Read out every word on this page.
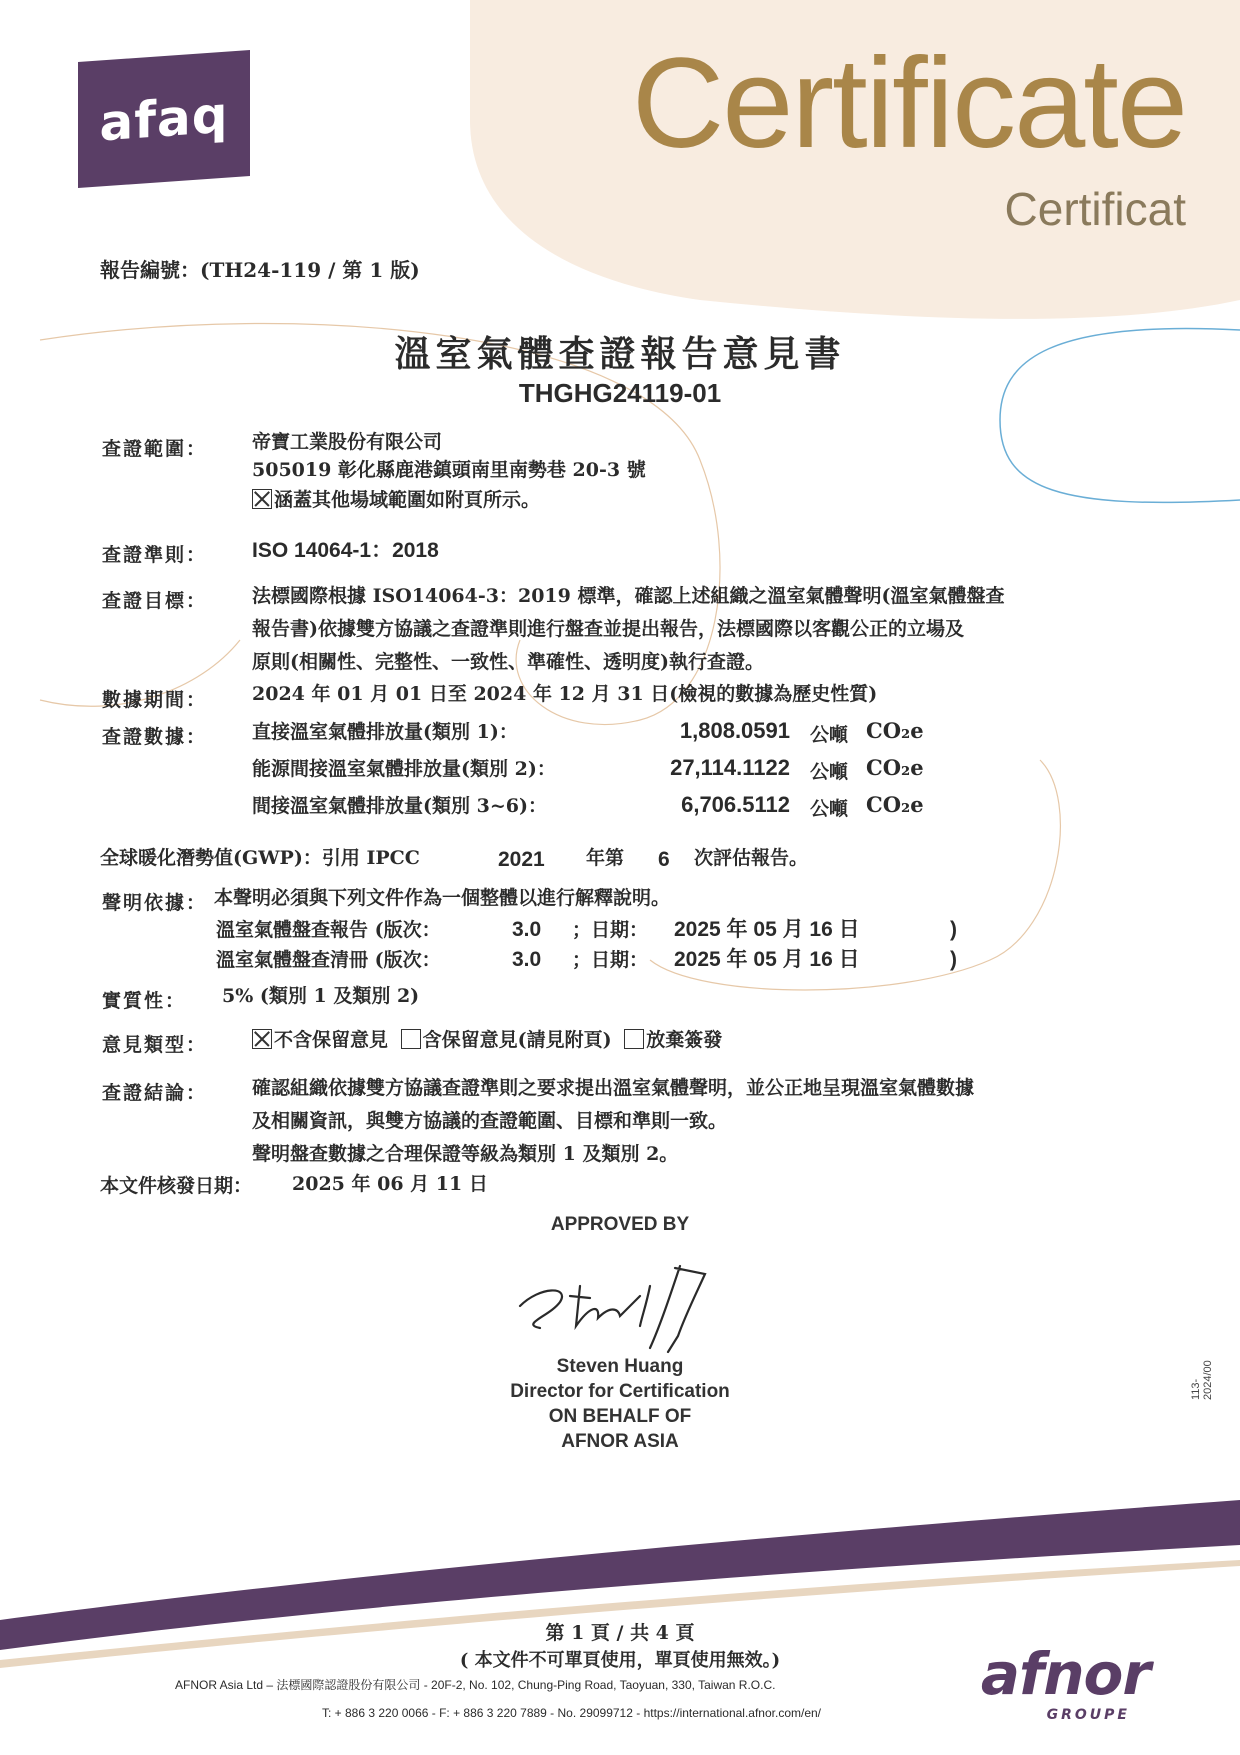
afaq	Certificate
Certificat
報告編號：(TH24-119 / 第 1 版)
溫室氣體查證報告意見書
THGHG24119-01
查證範圍： 帝寶工業股份有限公司
505019 彰化縣鹿港鎮頭南里南勢巷 20-3 號
涵蓋其他場域範圍如附頁所示。
查證準則： ISO 14064-1：2018
查證目標： 法標國際根據 ISO14064-3：2019 標準，確認上述組織之溫室氣體聲明(溫室氣體盤查
報告書)依據雙方協議之查證準則進行盤查並提出報告，法標國際以客觀公正的立場及
原則(相關性、完整性、一致性、準確性、透明度)執行查證。
數據期間： 2024 年 01 月 01 日至 2024 年 12 月 31 日(檢視的數據為歷史性質)
查證數據： 直接溫室氣體排放量(類別 1)：	1,808.0591 公噸 CO₂e
能源間接溫室氣體排放量(類別 2)：	27,114.1122 公噸 CO₂e
間接溫室氣體排放量(類別 3~6)：	6,706.5112 公噸 CO₂e
全球暖化潛勢值(GWP)：引用 IPCC	2021 年第 6 次評估報告。
聲明依據： 本聲明必須與下列文件作為一個整體以進行解釋說明。
溫室氣體盤查報告 (版次：	3.0 ；日期： 2025 年 05 月 16 日	)
溫室氣體盤查清冊 (版次：	3.0 ；日期： 2025 年 05 月 16 日	)
實質性： 5% (類別 1 及類別 2)
意見類型：	不含保留意見 含保留意見(請見附頁) 放棄簽發
查證結論： 確認組織依據雙方協議查證準則之要求提出溫室氣體聲明，並公正地呈現溫室氣體數據
及相關資訊，與雙方協議的查證範圍、目標和準則一致。
聲明盤查數據之合理保證等級為類別 1 及類別 2。
本文件核發日期： 2025 年 06 月 11 日
APPROVED BY
Steven Huang
Director for Certification
ON BEHALF OF
AFNOR ASIA
113-2024/00
第 1 頁 / 共 4 頁
( 本文件不可單頁使用，單頁使用無效。)
AFNOR Asia Ltd – 法標國際認證股份有限公司 - 20F-2, No. 102, Chung-Ping Road, Taoyuan, 330, Taiwan R.O.C.
T: + 886 3 220 0066 - F: + 886 3 220 7889 - No. 29099712 - https://international.afnor.com/en/
afnor
GROUPE
